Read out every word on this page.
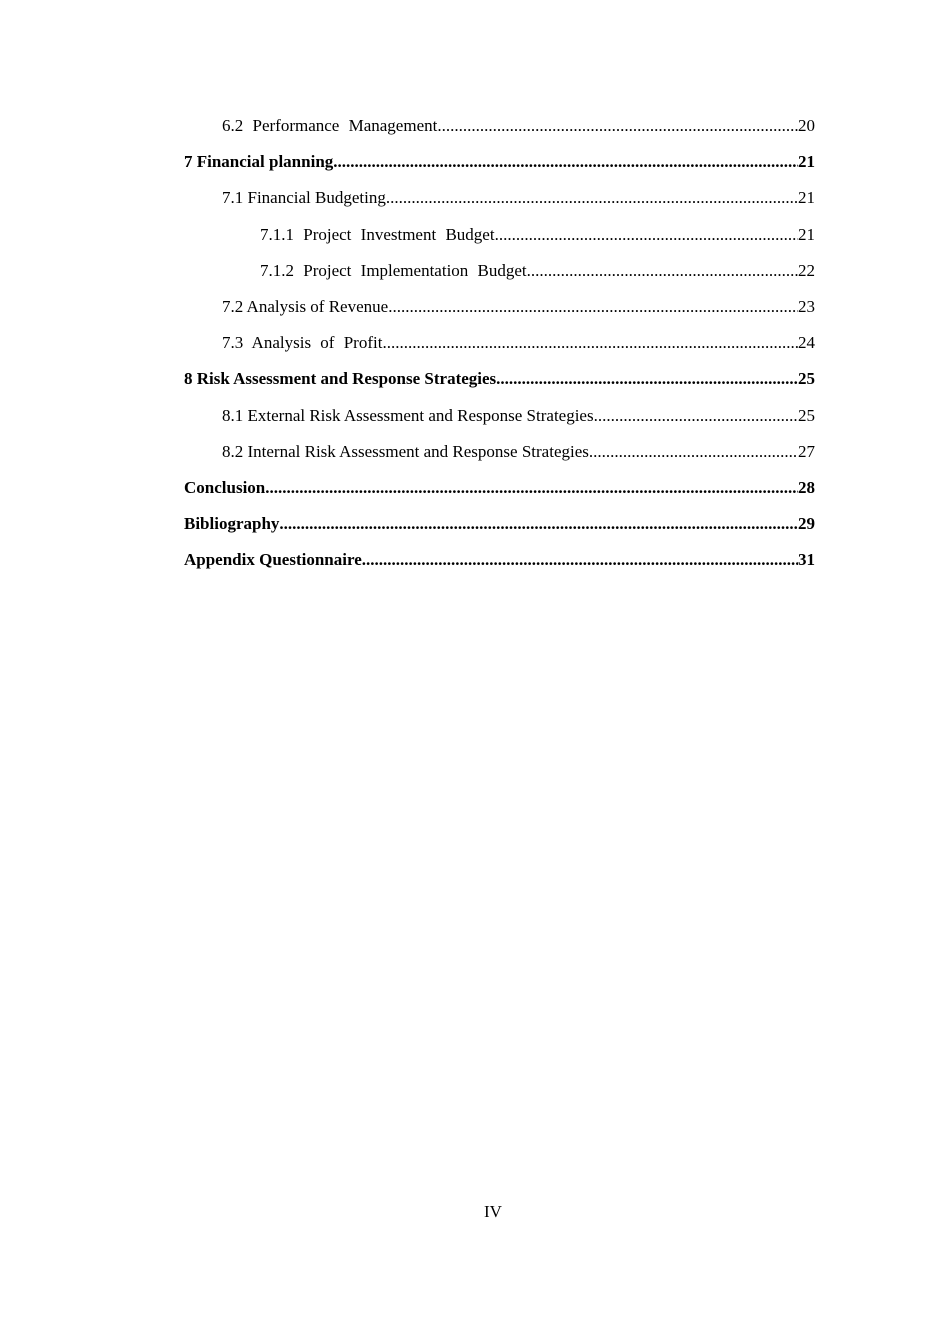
6.2 Performance Management .....	20
7 Financial planning .....	21
7.1 Financial Budgeting .....	21
7.1.1 Project Investment Budget .....	21
7.1.2 Project Implementation Budget .....	22
7.2 Analysis of Revenue .....	23
7.3 Analysis of Profit .....	24
8 Risk Assessment and Response Strategies .....	25
8.1 External Risk Assessment and Response Strategies .....	25
8.2 Internal Risk Assessment and Response Strategies .....	27
Conclusion .....	28
Bibliography .....	29
Appendix Questionnaire .....	31
IV
